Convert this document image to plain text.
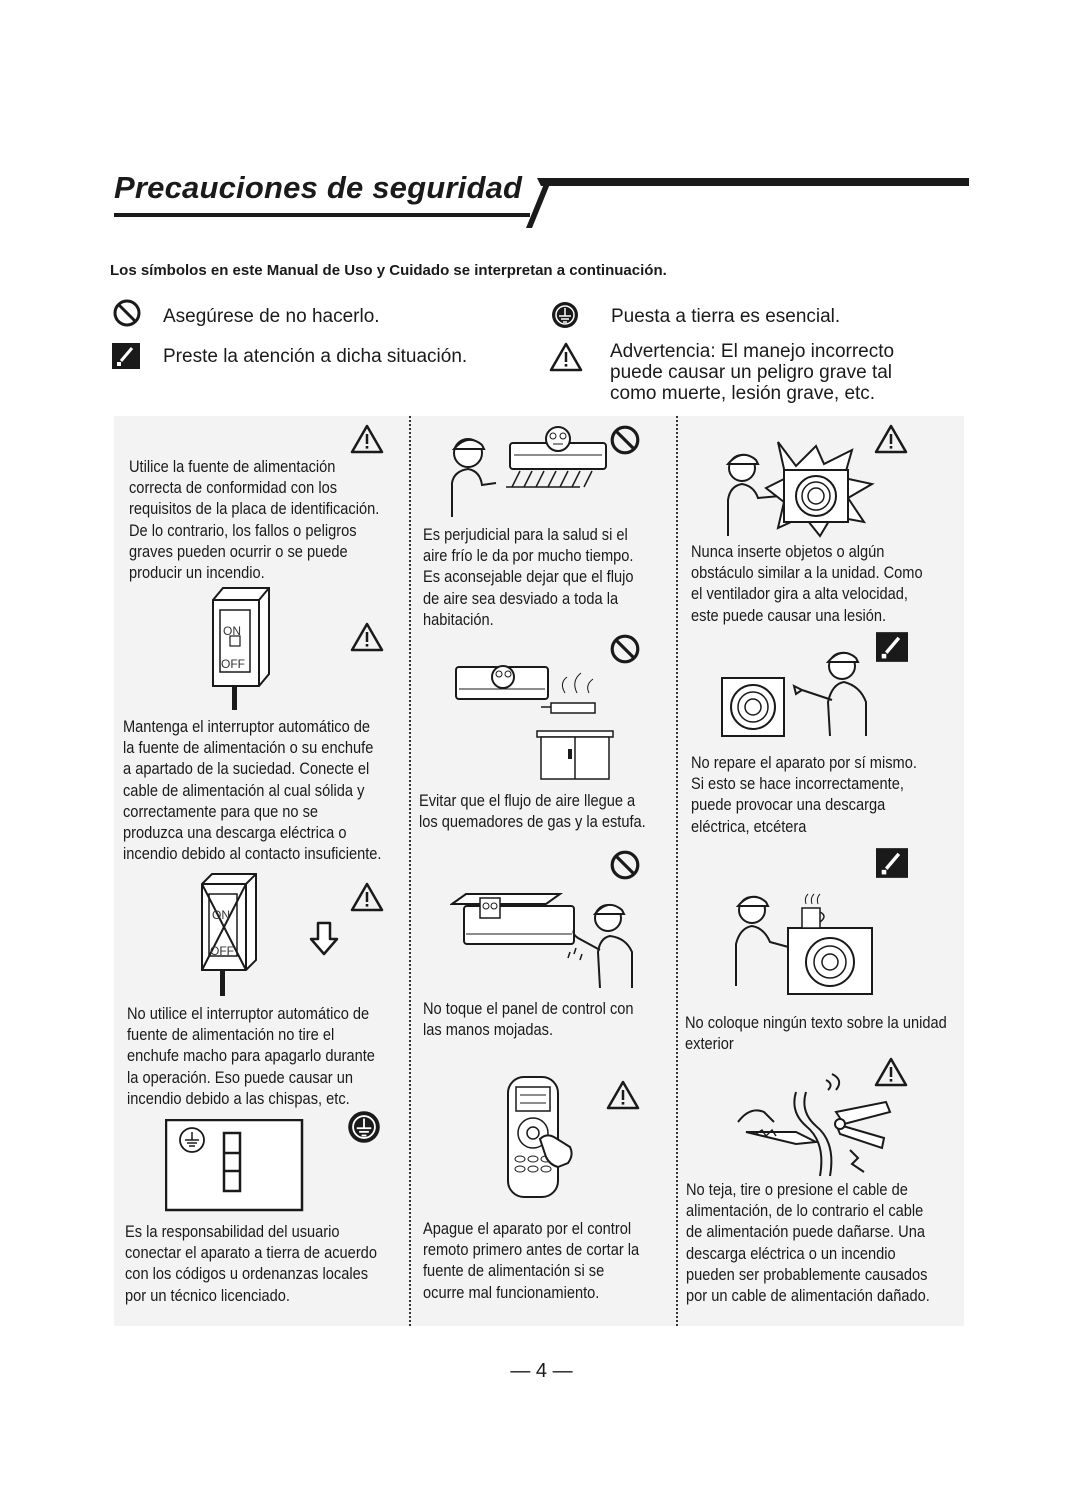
Precauciones de seguridad
Los símbolos en este Manual de Uso y Cuidado se interpretan a continuación.
Asegúrese de no hacerlo.
Preste la atención a dicha situación.
Puesta a tierra es esencial.
Advertencia: El manejo incorrecto
puede causar un peligro grave tal
como muerte, lesión grave, etc.
Utilice la fuente de alimentación
correcta de conformidad con los
requisitos de la placa de identificación.
De lo contrario, los fallos o peligros
graves pueden ocurrir o se puede
producir un incendio.
ON
OFF
Mantenga el interruptor automático de
la fuente de alimentación o su enchufe
a apartado de la suciedad. Conecte el
cable de alimentación al cual sólida y
correctamente para que no se
produzca una descarga eléctrica o
incendio debido al contacto insuficiente.
ON
OFF
No utilice el interruptor automático de
fuente de alimentación no tire el
enchufe macho para apagarlo durante
la operación. Eso puede causar un
incendio debido a las chispas, etc.
Es la responsabilidad del usuario
conectar el aparato a tierra de acuerdo
con los códigos u ordenanzas locales
por un técnico licenciado.
Es perjudicial para la salud si el
aire frío le da por mucho tiempo.
Es aconsejable dejar que el flujo
de aire sea desviado a toda la
habitación.
Evitar que el flujo de aire llegue a
los quemadores de gas y la estufa.
No toque el panel de control con
las manos mojadas.
Apague el aparato por el control
remoto primero antes de cortar la
fuente de alimentación si se
ocurre mal funcionamiento.
Nunca inserte objetos o algún
obstáculo similar a la unidad. Como
el ventilador gira a alta velocidad,
este puede causar una lesión.
No repare el aparato por sí mismo.
Si esto se hace incorrectamente,
puede provocar una descarga
eléctrica, etcétera
No coloque ningún texto sobre la unidad
exterior
No teja, tire o presione el cable de
alimentación, de lo contrario el cable
de alimentación puede dañarse. Una
descarga eléctrica o un incendio
pueden ser probablemente causados
por un cable de alimentación dañado.
— 4 —
